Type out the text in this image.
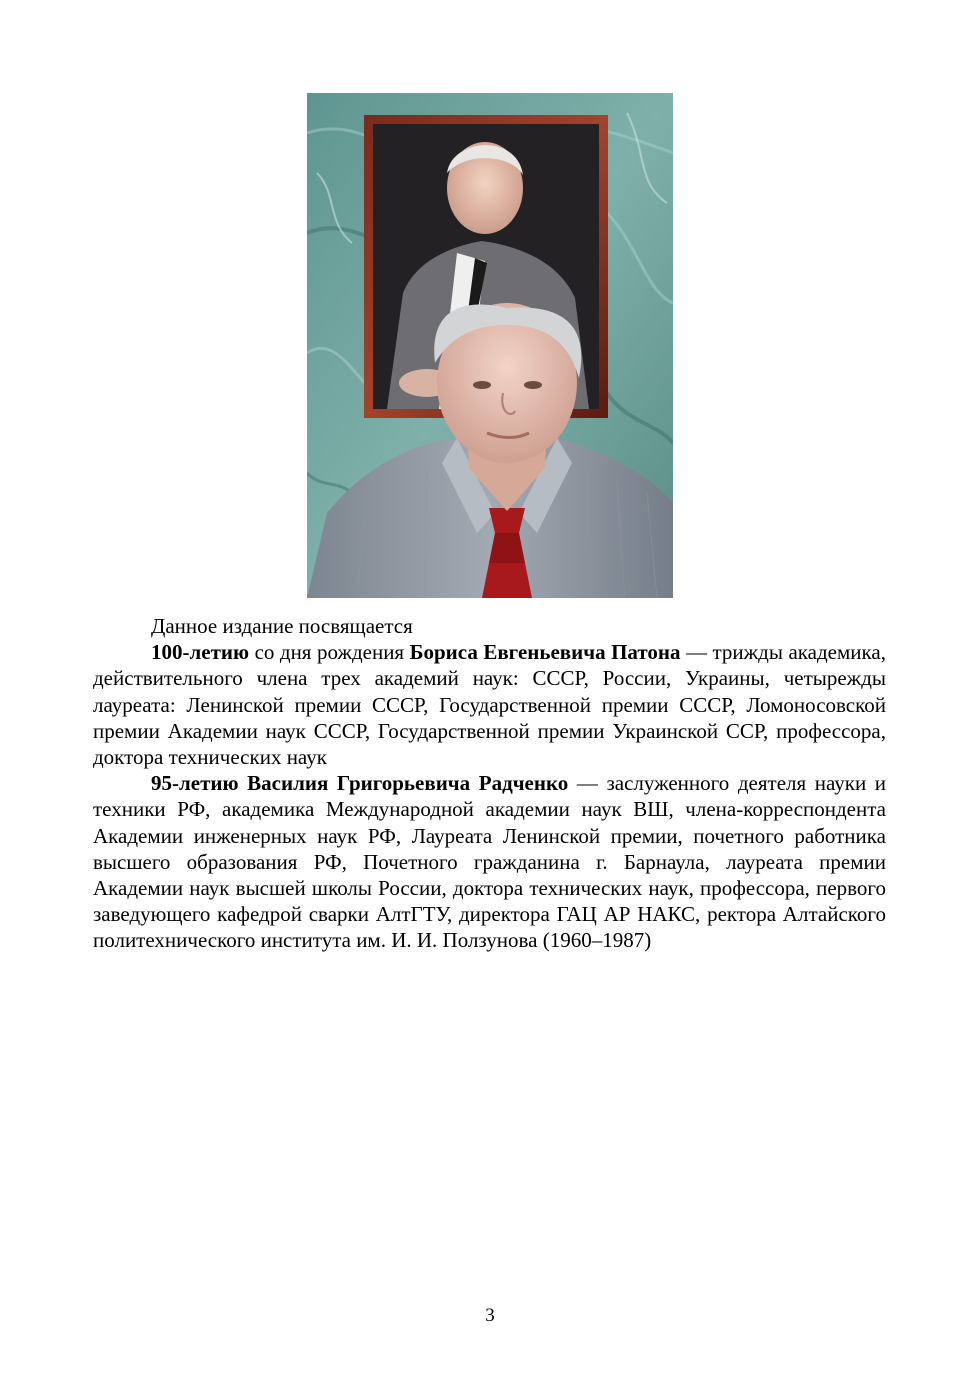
Данное издание посвящается

100-летию со дня рождения Бориса Евгеньевича Патона — трижды академика, действительного члена трех академий наук: СССР, России, Украины, четырежды лауреата: Ленинской премии СССР, Государственной премии СССР, Ломоносовской премии Академии наук СССР, Государственной премии Украинской ССР, профессора, доктора технических наук

95-летию Василия Григорьевича Радченко — заслуженного деятеля науки и техники РФ, академика Международной академии наук ВШ, члена-корреспондента Академии инженерных наук РФ, Лауреата Ленинской премии, почетного работника высшего образования РФ, Почетного гражданина г. Барнаула, лауреата премии Академии наук высшей школы России, доктора технических наук, профессора, первого заведующего кафедрой сварки АлтГТУ, директора ГАЦ АР НАКС, ректора Алтайского политехнического института им. И. И. Ползунова (1960–1987)

3
